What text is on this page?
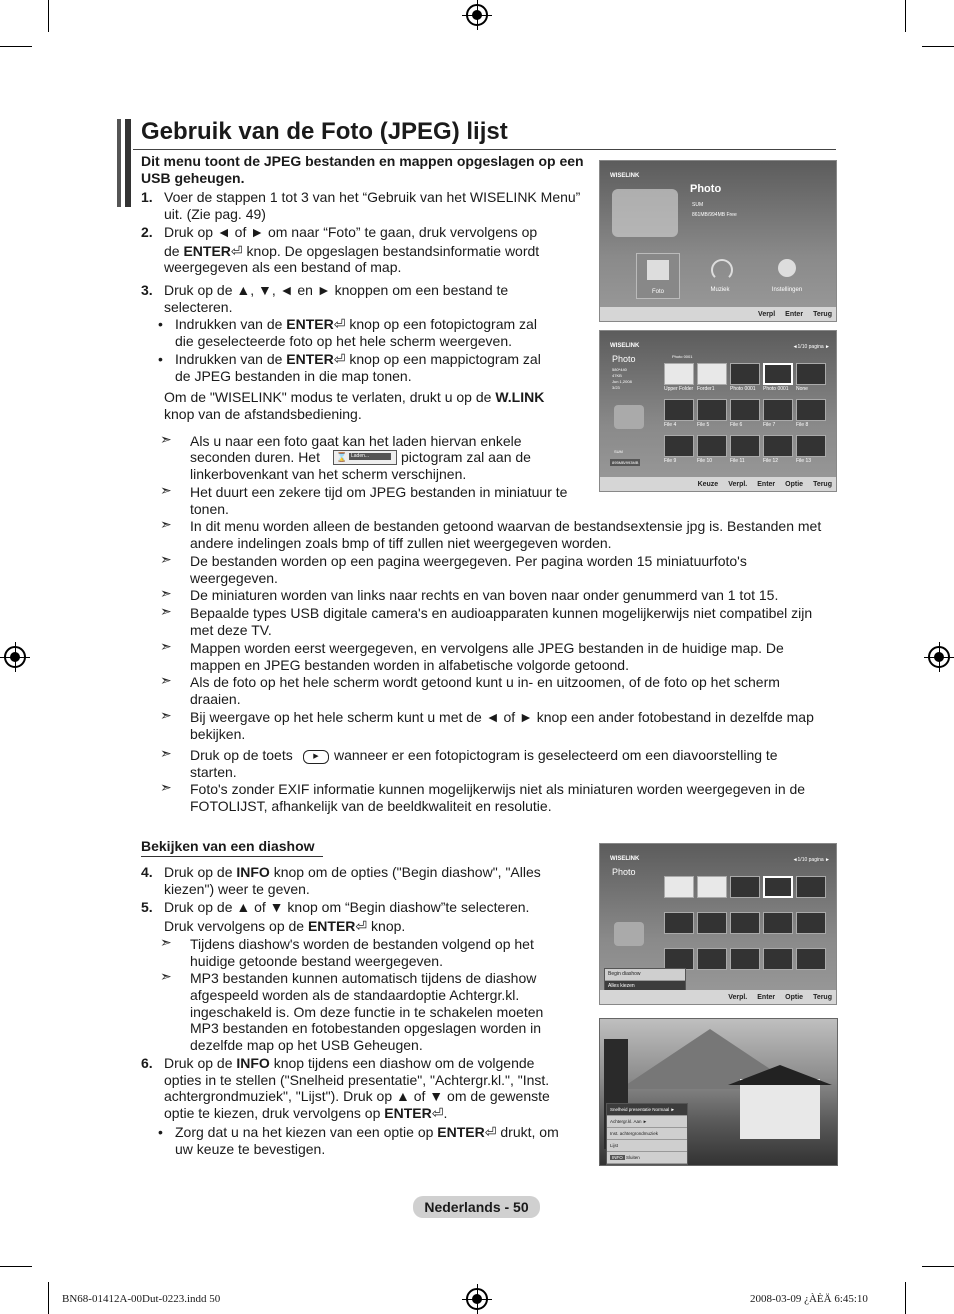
Gebruik van de Foto (JPEG) lijst
Dit menu toont de JPEG bestanden en mappen opgeslagen op een USB geheugen.
1. Voer de stappen 1 tot 3 van het “Gebruik van het WISELINK Menu” uit. (Zie pag. 49)
2. Druk op ◄ of ► om naar “Foto” te gaan, druk vervolgens op
de ENTER⏎ knop. De opgeslagen bestandsinformatie wordt
weergegeven als een bestand of map.
3. Druk op de ▲, ▼, ◄ en ► knoppen om een bestand te selecteren.
• Indrukken van de ENTER⏎ knop op een fotopictogram zal
die geselecteerde foto op het hele scherm weergeven.
• Indrukken van de ENTER⏎ knop op een mappictogram zal
de JPEG bestanden in die map tonen.
Om de "WISELINK" modus te verlaten, drukt u op de W.LINK
knop van de afstandsbediening.
➣ Als u naar een foto gaat kan het laden hiervan enkele
seconden duren. Het ⌛ Laden...	pictogram zal aan de
linkerbovenkant van het scherm verschijnen.
➣ Het duurt een zekere tijd om JPEG bestanden in miniatuur te tonen.
➣ In dit menu worden alleen de bestanden getoond waarvan de bestandsextensie jpg is. Bestanden met andere indelingen zoals bmp of tiff zullen niet weergegeven worden.
➣ De bestanden worden op een pagina weergegeven. Per pagina worden 15 miniatuurfoto's weergegeven.
➣ De miniaturen worden van links naar rechts en van boven naar onder genummerd van 1 tot 15.
➣ Bepaalde types USB digitale camera's en audioapparaten kunnen mogelijkerwijs niet compatibel zijn met deze TV.
➣ Mappen worden eerst weergegeven, en vervolgens alle JPEG bestanden in de huidige map. De mappen en JPEG bestanden worden in alfabetische volgorde getoond.
➣ Als de foto op het hele scherm wordt getoond kunt u in- en uitzoomen, of de foto op het scherm draaien.
➣ Bij weergave op het hele scherm kunt u met de ◄ of ► knop een ander fotobestand in dezelfde map bekijken.
➣ Druk op de toets	▶	wanneer er een fotopictogram is geselecteerd om een diavoorstelling te
starten.
➣ Foto's zonder EXIF informatie kunnen mogelijkerwijs niet als miniaturen worden weergegeven in de FOTOLIJST, afhankelijk van de beeldkwaliteit en resolutie.
Bekijken van een diashow
4. Druk op de INFO knop om de opties ("Begin diashow", "Alles kiezen") weer te geven.
5. Druk op de ▲ of ▼ knop om “Begin diashow”te selecteren.
Druk vervolgens op de ENTER⏎ knop.
➣ Tijdens diashow's worden de bestanden volgend op het huidige getoonde bestand weergegeven.
➣ MP3 bestanden kunnen automatisch tijdens de diashow afgespeeld worden als de standaardoptie Achtergr.kl. ingeschakeld is. Om deze functie in te schakelen moeten MP3 bestanden en fotobestanden opgeslagen worden in dezelfde map op het USB Geheugen.
6. Druk op de INFO knop tijdens een diashow om de volgende
opties in te stellen ("Snelheid presentatie", "Achtergr.kl.", "Inst.
achtergrondmuziek", "Lijst"). Druk op ▲ of ▼ om de gewenste
optie te kiezen, druk vervolgens op ENTER⏎.
• Zorg dat u na het kiezen van een optie op ENTER⏎ drukt, om
uw keuze te bevestigen.
WISELINK
Photo
SUM
861MB/994MB Free
Foto	Muziek	Instellingen
Verpl Enter Terug
WISELINK	◄1/10 pagina ►
Photo
580*440
47KB
Jun 1,2008
3/23
SUM
895MB/993MB
Photo 0001
Upper Folder Forder1	Photo 0001 Photo 0001 None
File 4	File 5	File 6	File 7	File 8
File 9	File 10	File 11	File 12	File 13
Keuze Verpl. Enter Optie Terug
WISELINK	◄1/10 pagina ►
Photo
Begin diashow
Alles kiezen
Verpl. Enter Optie Terug
Snelheid presentatie Normaal ►
Achtergr.kl. Aan ►
Inst. achtergrondmuziek
Lijst
INFO Sluiten
Nederlands - 50
BN68-01412A-00Dut-0223.indd 50	2008-03-09 ¿ÀÈÄ 6:45:10
